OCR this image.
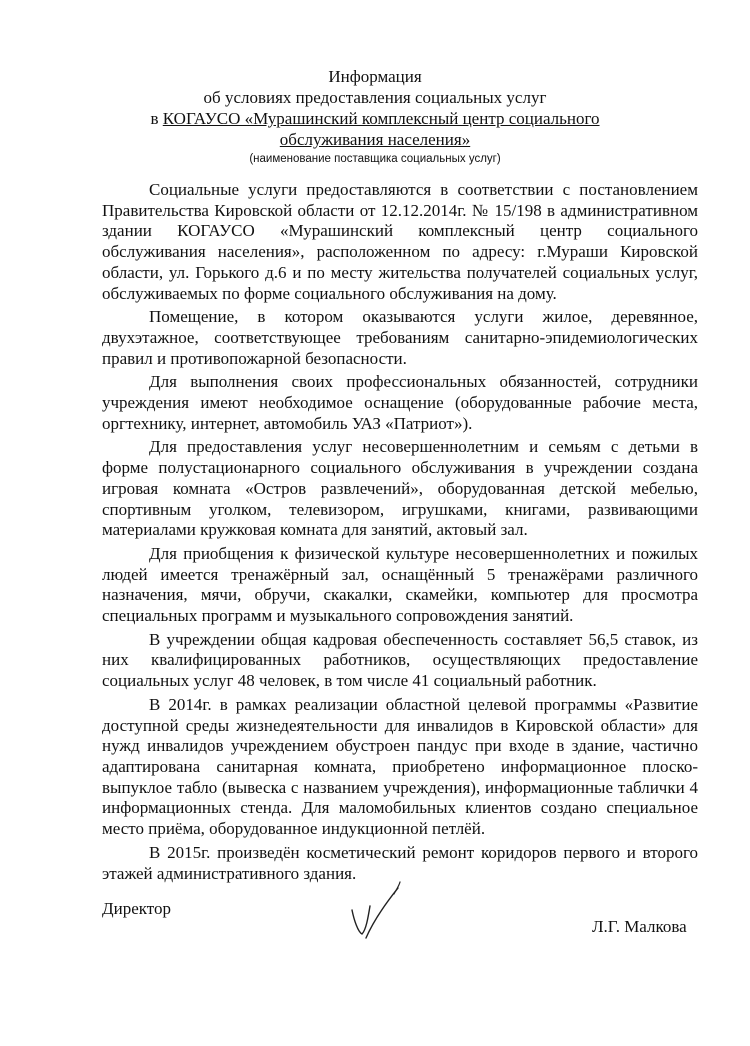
Информация
об условиях предоставления социальных услуг
в КОГАУСО «Мурашинский комплексный центр социального
обслуживания населения»
(наименование поставщика социальных услуг)

Социальные услуги предоставляются в соответствии с постановлением Правительства Кировской области от 12.12.2014г. № 15/198 в административном здании КОГАУСО «Мурашинский комплексный центр социального обслуживания населения», расположенном по адресу: г.Мураши Кировской области, ул. Горького д.6 и по месту жительства получателей социальных услуг, обслуживаемых по форме социального обслуживания на дому.

Помещение, в котором оказываются услуги жилое, деревянное, двухэтажное, соответствующее требованиям санитарно-эпидемиологических правил и противопожарной безопасности.

Для выполнения своих профессиональных обязанностей, сотрудники учреждения имеют необходимое оснащение (оборудованные рабочие места, оргтехнику, интернет, автомобиль УАЗ «Патриот»).

Для предоставления услуг несовершеннолетним и семьям с детьми в форме полустационарного социального обслуживания в учреждении создана игровая комната «Остров развлечений», оборудованная детской мебелью, спортивным уголком, телевизором, игрушками, книгами, развивающими материалами кружковая комната для занятий, актовый зал.

Для приобщения к физической культуре несовершеннолетних и пожилых людей имеется тренажёрный зал, оснащённый 5 тренажёрами различного назначения, мячи, обручи, скакалки, скамейки, компьютер для просмотра специальных программ и музыкального сопровождения занятий.

В учреждении общая кадровая обеспеченность составляет 56,5 ставок, из них квалифицированных работников, осуществляющих предоставление социальных услуг 48 человек, в том числе 41 социальный работник.

В 2014г. в рамках реализации областной целевой программы «Развитие доступной среды жизнедеятельности для инвалидов в Кировской области» для нужд инвалидов учреждением обустроен пандус при входе в здание, частично адаптирована санитарная комната, приобретено информационное плоско-выпуклое табло (вывеска с названием учреждения), информационные таблички 4 информационных стенда. Для маломобильных клиентов создано специальное место приёма, оборудованное индукционной петлёй.

В 2015г. произведён косметический ремонт коридоров первого и второго этажей административного здания.

Директор
Л.Г. Малкова
